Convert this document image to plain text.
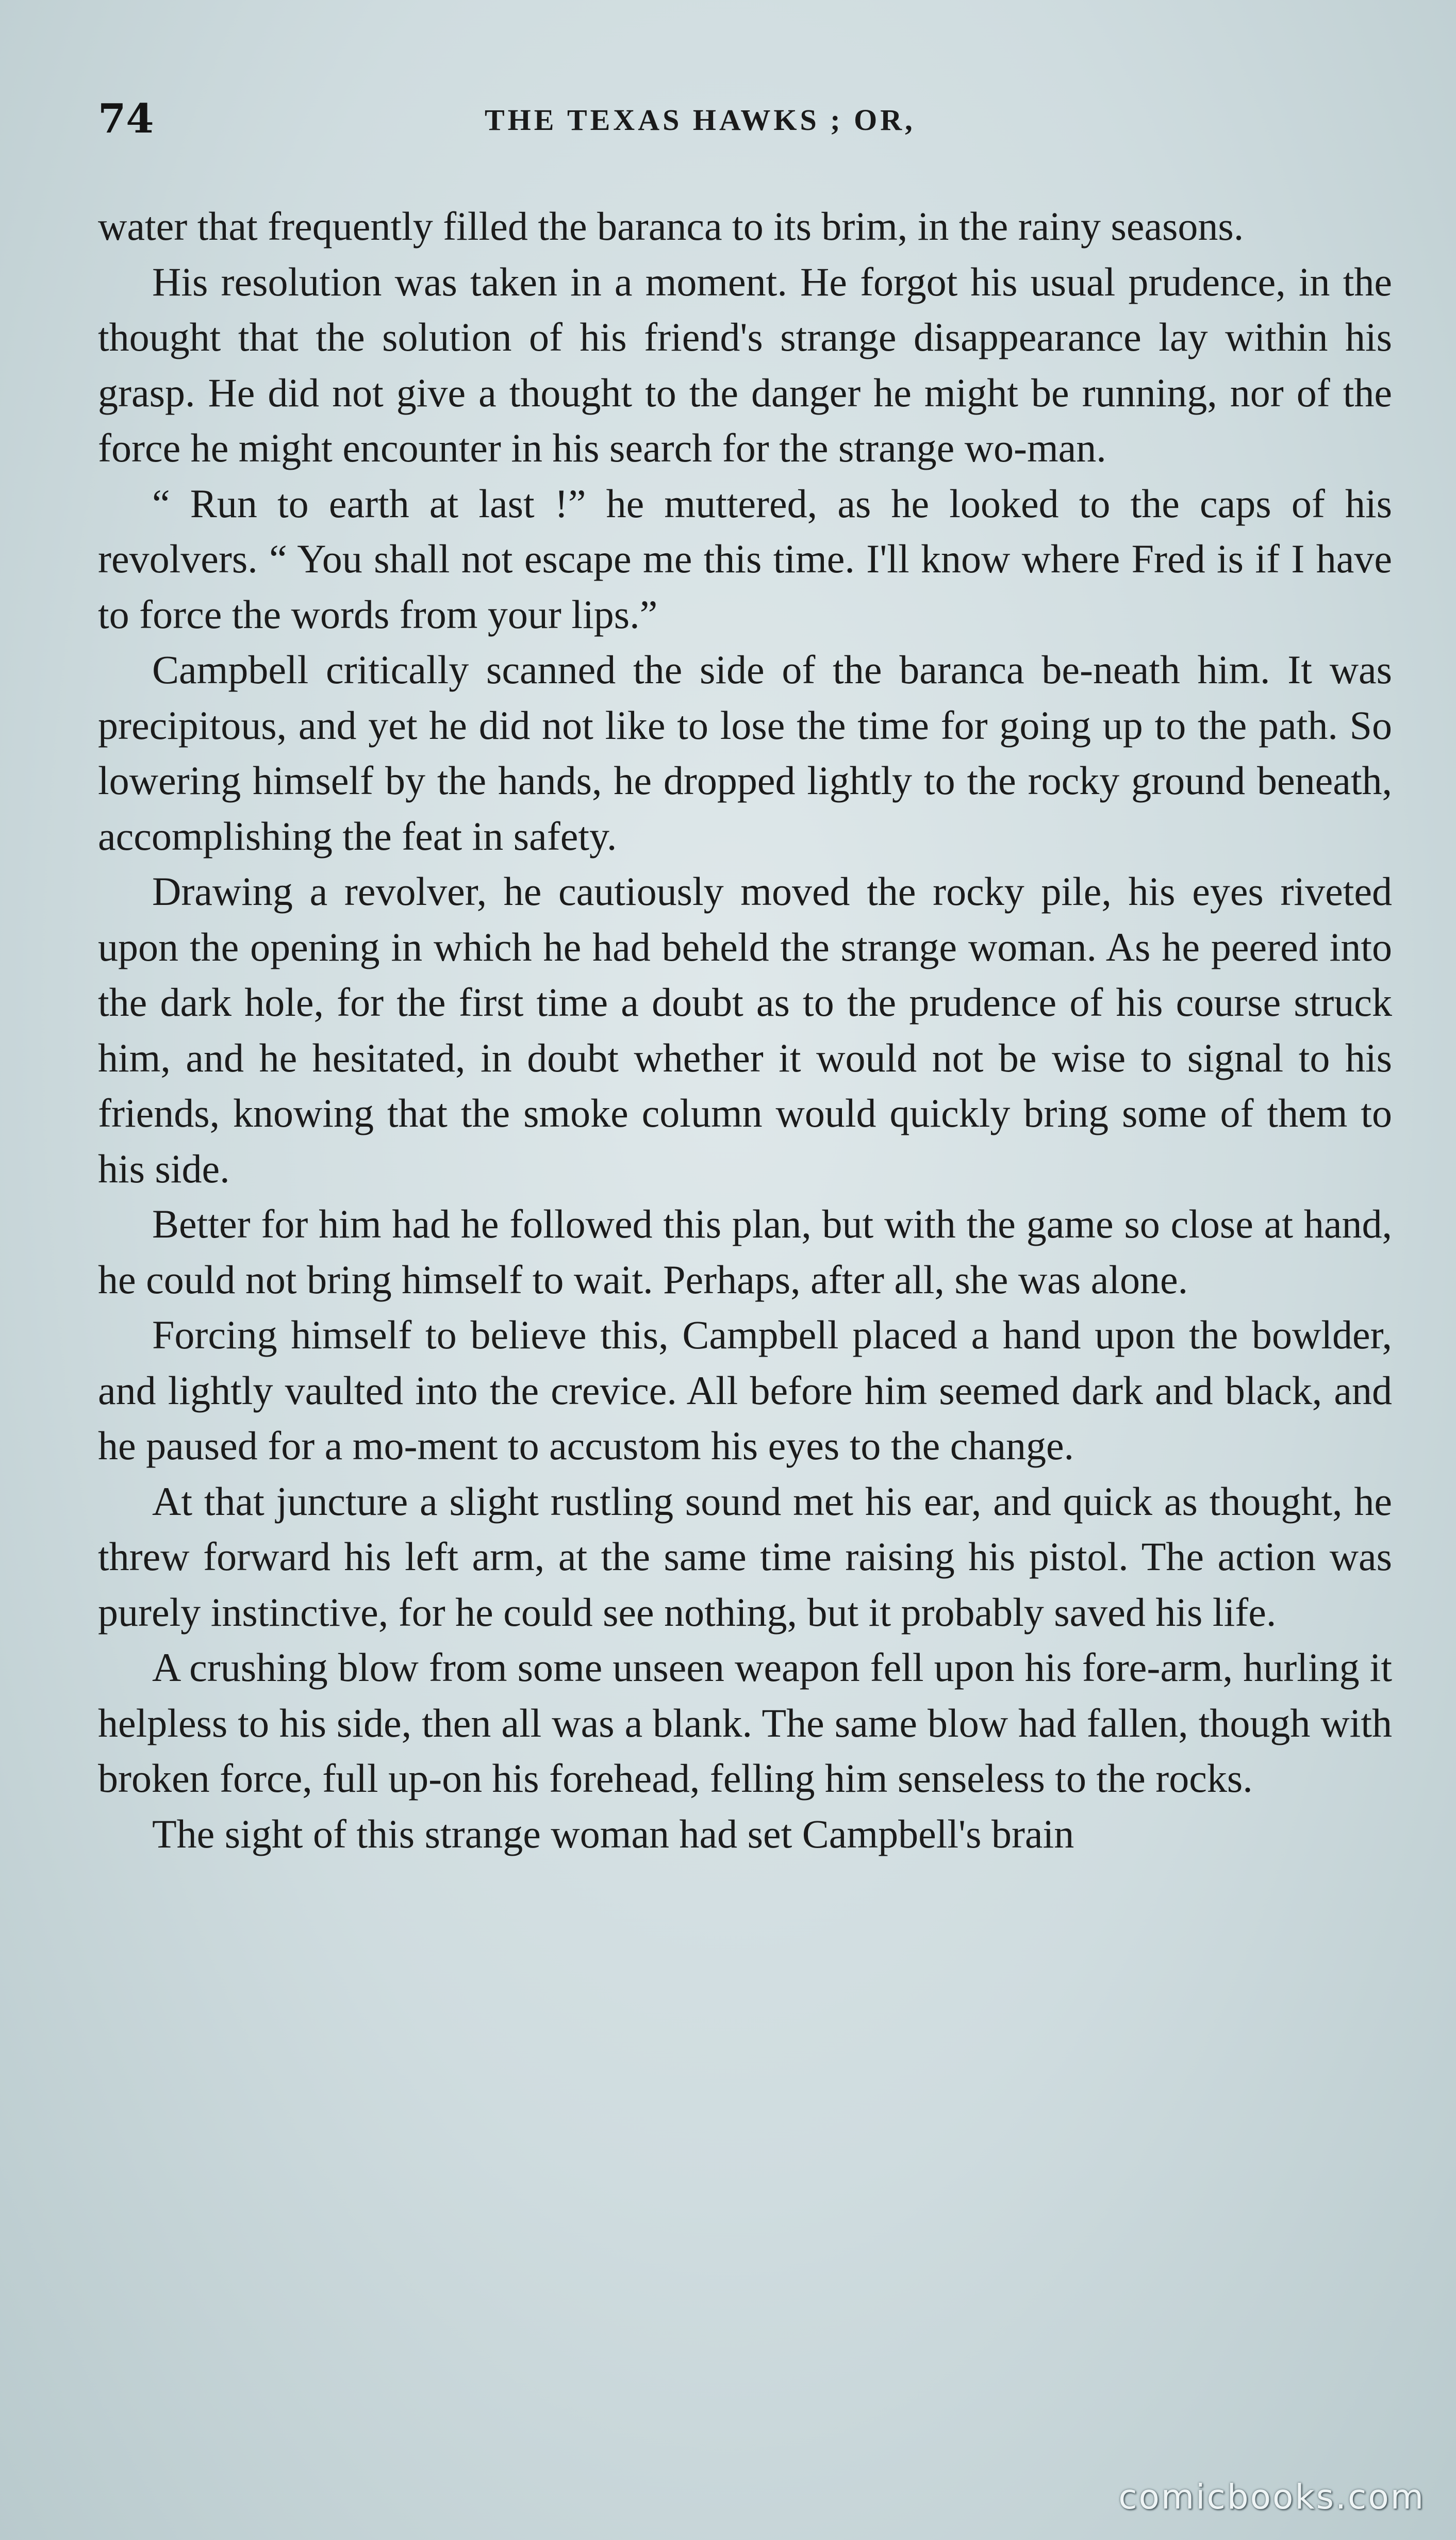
74	THE TEXAS HAWKS ; OR,

water that frequently filled the baranca to its brim, in the rainy seasons.

His resolution was taken in a moment. He forgot his usual prudence, in the thought that the solution of his friend's strange disappearance lay within his grasp. He did not give a thought to the danger he might be running, nor of the force he might encounter in his search for the strange wo-man.

“ Run to earth at last !” he muttered, as he looked to the caps of his revolvers. “ You shall not escape me this time. I'll know where Fred is if I have to force the words from your lips.”

Campbell critically scanned the side of the baranca be-neath him. It was precipitous, and yet he did not like to lose the time for going up to the path. So lowering himself by the hands, he dropped lightly to the rocky ground beneath, accomplishing the feat in safety.

Drawing a revolver, he cautiously moved the rocky pile, his eyes riveted upon the opening in which he had beheld the strange woman. As he peered into the dark hole, for the first time a doubt as to the prudence of his course struck him, and he hesitated, in doubt whether it would not be wise to signal to his friends, knowing that the smoke column would quickly bring some of them to his side.

Better for him had he followed this plan, but with the game so close at hand, he could not bring himself to wait. Perhaps, after all, she was alone.

Forcing himself to believe this, Campbell placed a hand upon the bowlder, and lightly vaulted into the crevice. All before him seemed dark and black, and he paused for a mo-ment to accustom his eyes to the change.

At that juncture a slight rustling sound met his ear, and quick as thought, he threw forward his left arm, at the same time raising his pistol. The action was purely instinctive, for he could see nothing, but it probably saved his life.

A crushing blow from some unseen weapon fell upon his fore-arm, hurling it helpless to his side, then all was a blank. The same blow had fallen, though with broken force, full up-on his forehead, felling him senseless to the rocks.

The sight of this strange woman had set Campbell's brain

comicbooks.com
